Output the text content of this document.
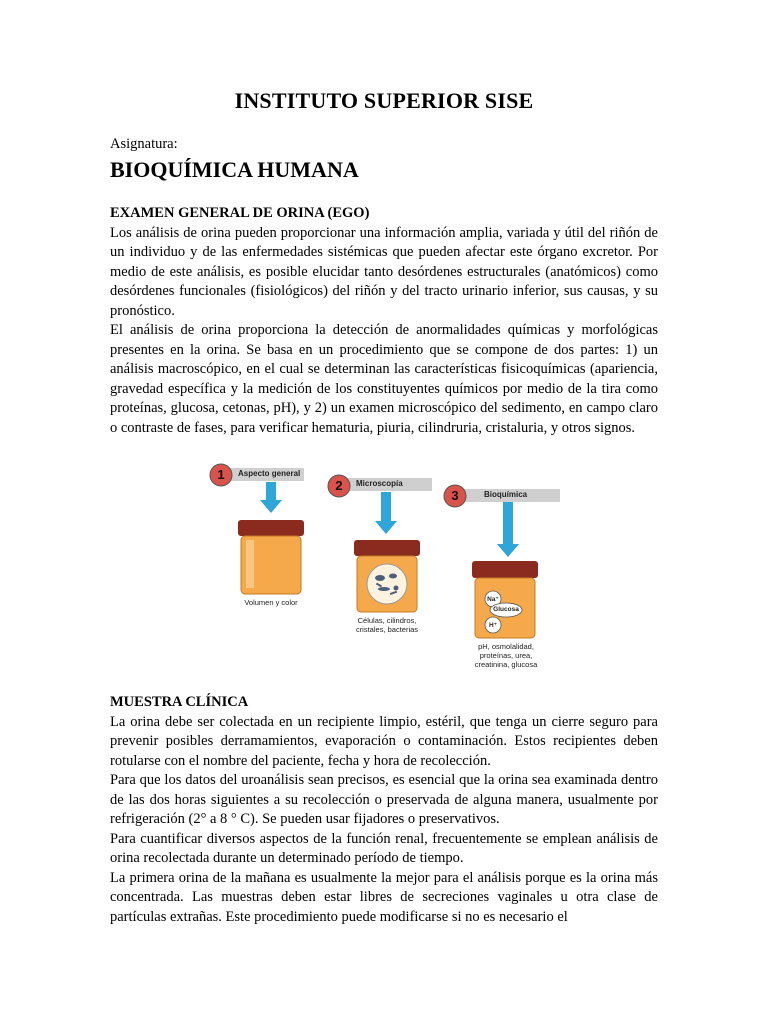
INSTITUTO SUPERIOR SISE
Asignatura:
BIOQUÍMICA HUMANA
EXAMEN GENERAL DE ORINA (EGO)

Los análisis de orina pueden proporcionar una información amplia, variada y útil del riñón de un individuo y de las enfermedades sistémicas que pueden afectar este órgano excretor. Por medio de este análisis, es posible elucidar tanto desórdenes estructurales (anatómicos) como desórdenes funcionales (fisiológicos) del riñón y del tracto urinario inferior, sus causas, y su pronóstico.

El análisis de orina proporciona la detección de anormalidades químicas y morfológicas presentes en la orina. Se basa en un procedimiento que se compone de dos partes: 1) un análisis macroscópico, en el cual se determinan las características fisicoquímicas (apariencia, gravedad específica y la medición de los constituyentes químicos por medio de la tira como proteínas, glucosa, cetonas, pH), y 2) un examen microscópico del sedimento, en campo claro o contraste de fases, para verificar hematuria, piuria, cilindruria, cristaluria, y otros signos.

1	Aspecto general
Volumen y color
2	Microscopía
Células, cilindros, cristales, bacterias
3	Bioquímica
Na⁺
Glucosa
H⁺
pH, osmolalidad, proteínas, urea, creatinina, glucosa
MUESTRA CLÍNICA

La orina debe ser colectada en un recipiente limpio, estéril, que tenga un cierre seguro para prevenir posibles derramamientos, evaporación o contaminación. Estos recipientes deben rotularse con el nombre del paciente, fecha y hora de recolección.

Para que los datos del uroanálisis sean precisos, es esencial que la orina sea examinada dentro de las dos horas siguientes a su recolección o preservada de alguna manera, usualmente por refrigeración (2° a 8 ° C). Se pueden usar fijadores o preservativos.

Para cuantificar diversos aspectos de la función renal, frecuentemente se emplean análisis de orina recolectada durante un determinado período de tiempo.

La primera orina de la mañana es usualmente la mejor para el análisis porque es la orina más concentrada. Las muestras deben estar libres de secreciones vaginales u otra clase de partículas extrañas. Este procedimiento puede modificarse si no es necesario el
